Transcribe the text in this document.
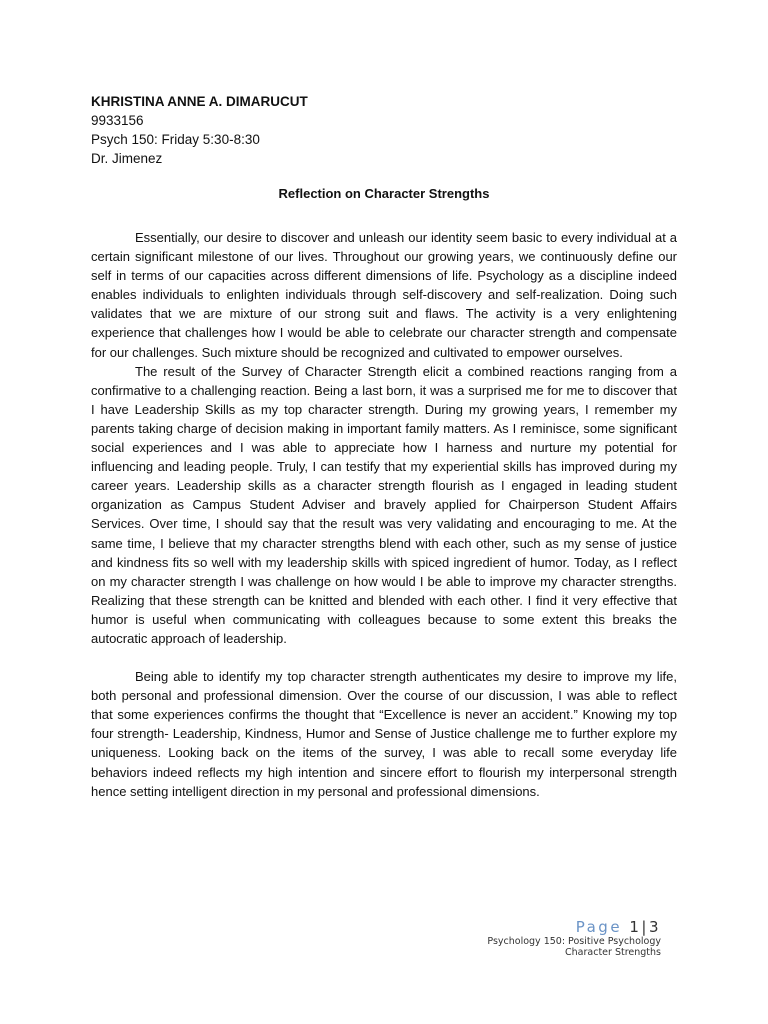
KHRISTINA ANNE A. DIMARUCUT
9933156
Psych 150: Friday 5:30-8:30
Dr. Jimenez
Reflection on Character Strengths

Essentially, our desire to discover and unleash our identity seem basic to every individual at a certain significant milestone of our lives. Throughout our growing years, we continuously define our self in terms of our capacities across different dimensions of life. Psychology as a discipline indeed enables individuals to enlighten individuals through self-discovery and self-realization. Doing such validates that we are mixture of our strong suit and flaws. The activity is a very enlightening experience that challenges how I would be able to celebrate our character strength and compensate for our challenges. Such mixture should be recognized and cultivated to empower ourselves.

The result of the Survey of Character Strength elicit a combined reactions ranging from a confirmative to a challenging reaction. Being a last born, it was a surprised me for me to discover that I have Leadership Skills as my top character strength. During my growing years, I remember my parents taking charge of decision making in important family matters. As I reminisce, some significant social experiences and I was able to appreciate how I harness and nurture my potential for influencing and leading people. Truly, I can testify that my experiential skills has improved during my career years. Leadership skills as a character strength flourish as I engaged in leading student organization as Campus Student Adviser and bravely applied for Chairperson Student Affairs Services. Over time, I should say that the result was very validating and encouraging to me. At the same time, I believe that my character strengths blend with each other, such as my sense of justice and kindness fits so well with my leadership skills with spiced ingredient of humor. Today, as I reflect on my character strength I was challenge on how would I be able to improve my character strengths. Realizing that these strength can be knitted and blended with each other. I find it very effective that humor is useful when communicating with colleagues because to some extent this breaks the autocratic approach of leadership.

Being able to identify my top character strength authenticates my desire to improve my life, both personal and professional dimension. Over the course of our discussion, I was able to reflect that some experiences confirms the thought that “Excellence is never an accident.” Knowing my top four strength- Leadership, Kindness, Humor and Sense of Justice challenge me to further explore my uniqueness. Looking back on the items of the survey, I was able to recall some everyday life behaviors indeed reflects my high intention and sincere effort to flourish my interpersonal strength hence setting intelligent direction in my personal and professional dimensions.

Page 1|3
Psychology 150: Positive Psychology
Character Strengths
